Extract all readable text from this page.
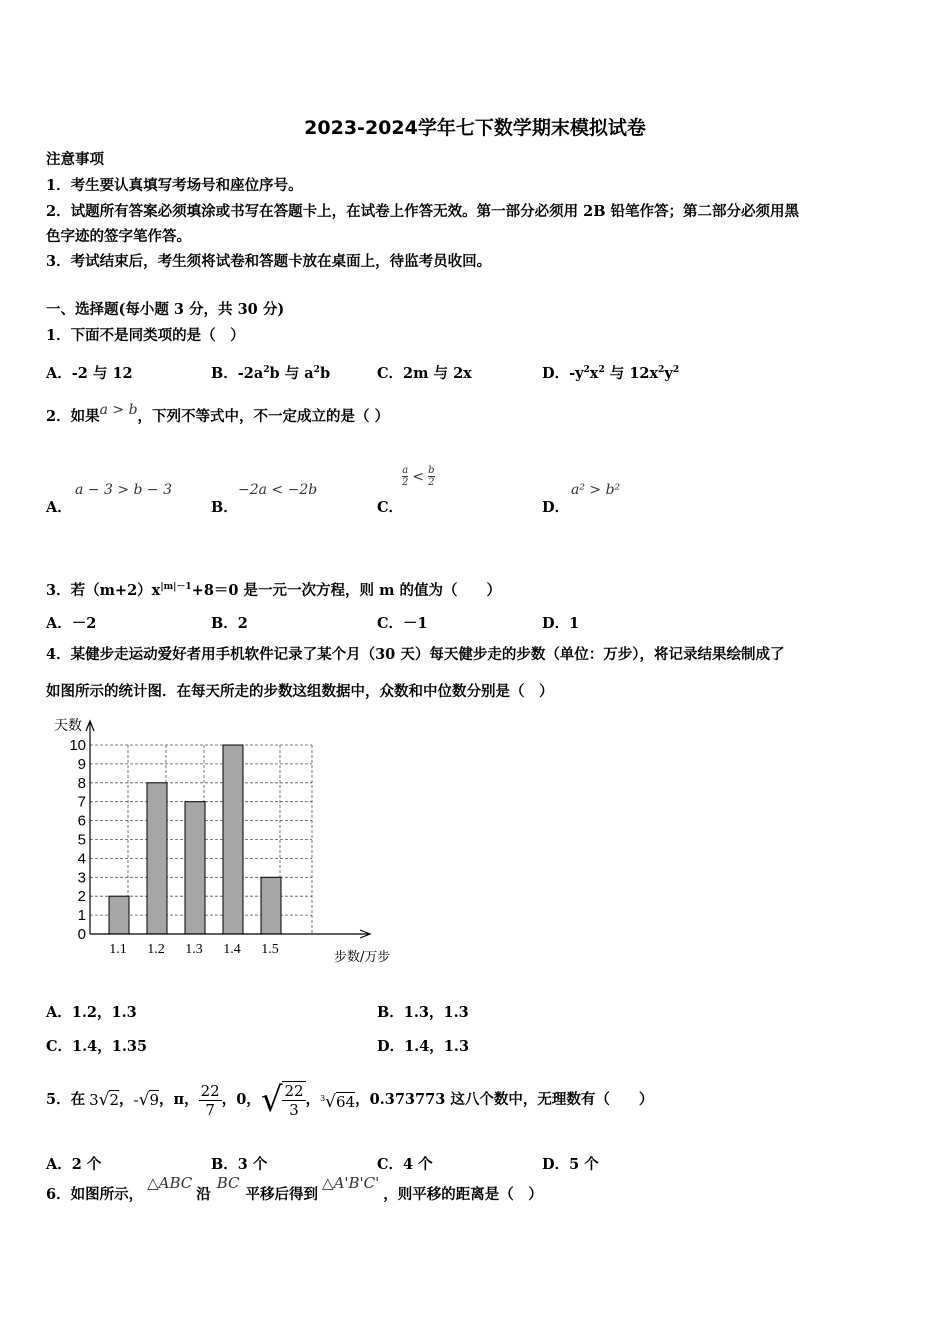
2023-2024学年七下数学期末模拟试卷
注意事项
1．考生要认真填写考场号和座位序号。
2．试题所有答案必须填涂或书写在答题卡上，在试卷上作答无效。第一部分必须用 2B 铅笔作答；第二部分必须用黑
色字迹的签字笔作答。
3．考试结束后，考生须将试卷和答题卡放在桌面上，待监考员收回。
一、选择题(每小题 3 分，共 30 分)
1．下面不是同类项的是（　）
A．-2 与 12	B．$-2a^2b$ 与 $a^2b$	C．2m 与 2x	D．$-y^2x^2$ 与 $12x^2y^2$
2．如果a > b，下列不等式中，不一定成立的是（ ）
A．
a − 3 > b − 3
B．
−2a < −2b
C．
$\frac{a}{2} < \frac{b}{2}$
D．
a² > b²
3．若$(m+2)x^{|m|-1}+8=0$ 是一元一次方程，则 m 的值为（　　）
A．－2	B．2	C．－1	D．1
4．某健步走运动爱好者用手机软件记录了某个月（30 天）每天健步走的步数（单位：万步），将记录结果绘制成了
如图所示的统计图．在每天所走的步数这组数据中，众数和中位数分别是（　）
0
1
2
3
4
5
6
7
8
9
10
1.1 1.2 1.3 1.4 1.5
天数
步数/万步
A．1.2，1.3	B．1.3，1.3
C．1.4，1.35	D．1.4，1.3
5．在 3√2 ， -√9 ，π， $\frac{22}{7}$ ，0， √ $\frac{22}{3}$ ， $^3$√64 ，0.373773 这八个数中，无理数有（　　）
A．2 个	B．3 个	C．4 个	D．5 个
6．如图所示，
△ABC
沿
BC
平移后得到
△A'B'C'
，则平移的距离是（　）
